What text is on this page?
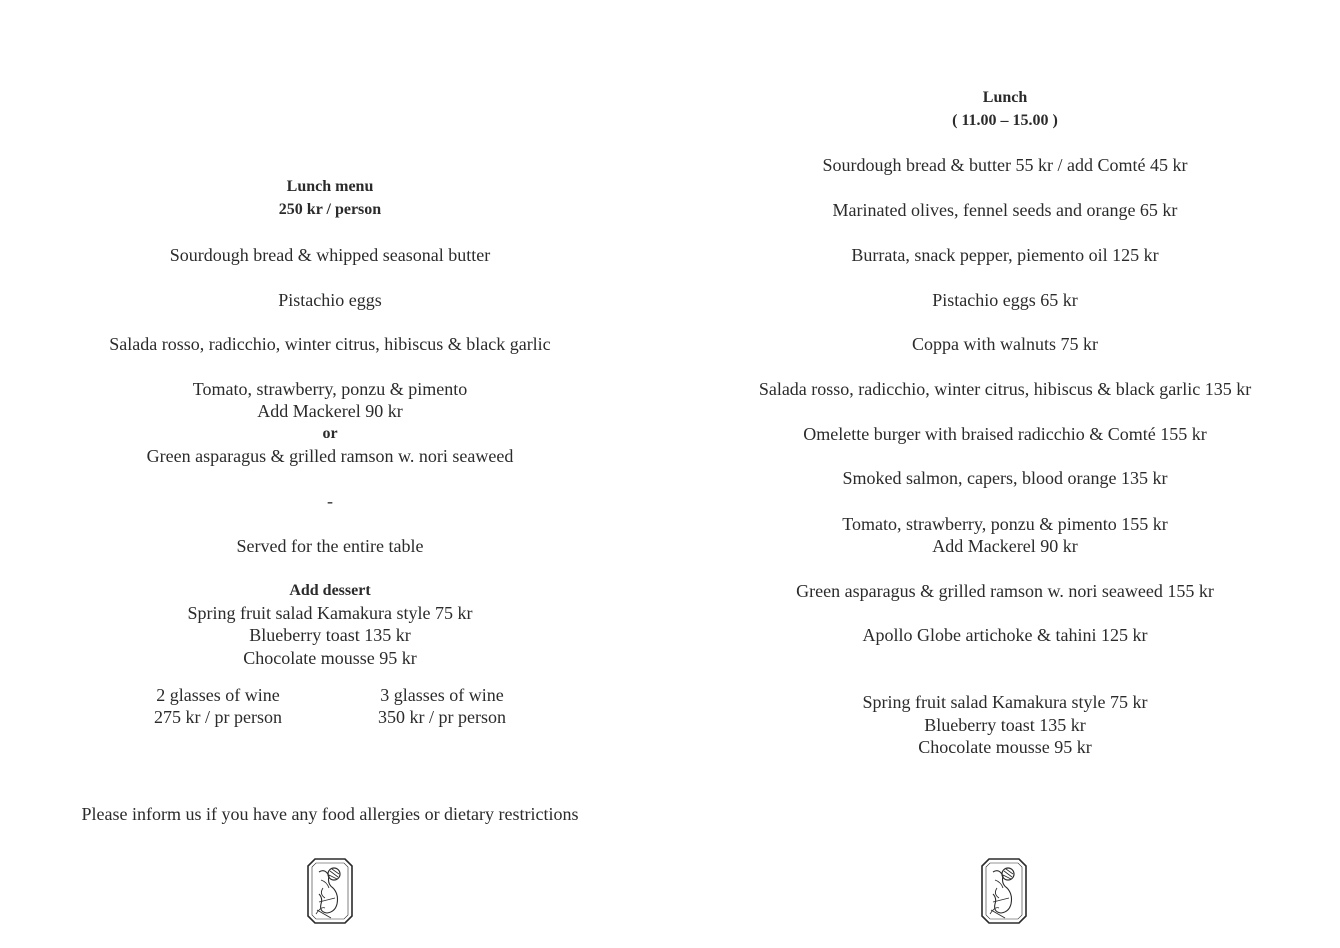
Lunch menu
250 kr / person
Sourdough bread & whipped seasonal butter
Pistachio eggs
Salada rosso, radicchio, winter citrus, hibiscus & black garlic
Tomato, strawberry, ponzu & pimento
Add Mackerel 90 kr
or
Green asparagus & grilled ramson w. nori seaweed
-
Served for the entire table
Add dessert
Spring fruit salad Kamakura style 75 kr
Blueberry toast 135 kr
Chocolate mousse 95 kr
2 glasses of wine
275 kr / pr person
3 glasses of wine
350 kr / pr person
Please inform us if you have any food allergies or dietary restrictions
Lunch
( 11.00 – 15.00 )
Sourdough bread & butter 55 kr / add Comté 45 kr
Marinated olives, fennel seeds and orange 65 kr
Burrata, snack pepper, piemento oil 125 kr
Pistachio eggs 65 kr
Coppa with walnuts 75 kr
Salada rosso, radicchio, winter citrus, hibiscus & black garlic 135 kr
Omelette burger with braised radicchio & Comté 155 kr
Smoked salmon, capers, blood orange 135 kr
Tomato, strawberry, ponzu & pimento 155 kr
Add Mackerel 90 kr
Green asparagus & grilled ramson w. nori seaweed 155 kr
Apollo Globe artichoke & tahini 125 kr
Spring fruit salad Kamakura style 75 kr
Blueberry toast 135 kr
Chocolate mousse 95 kr
